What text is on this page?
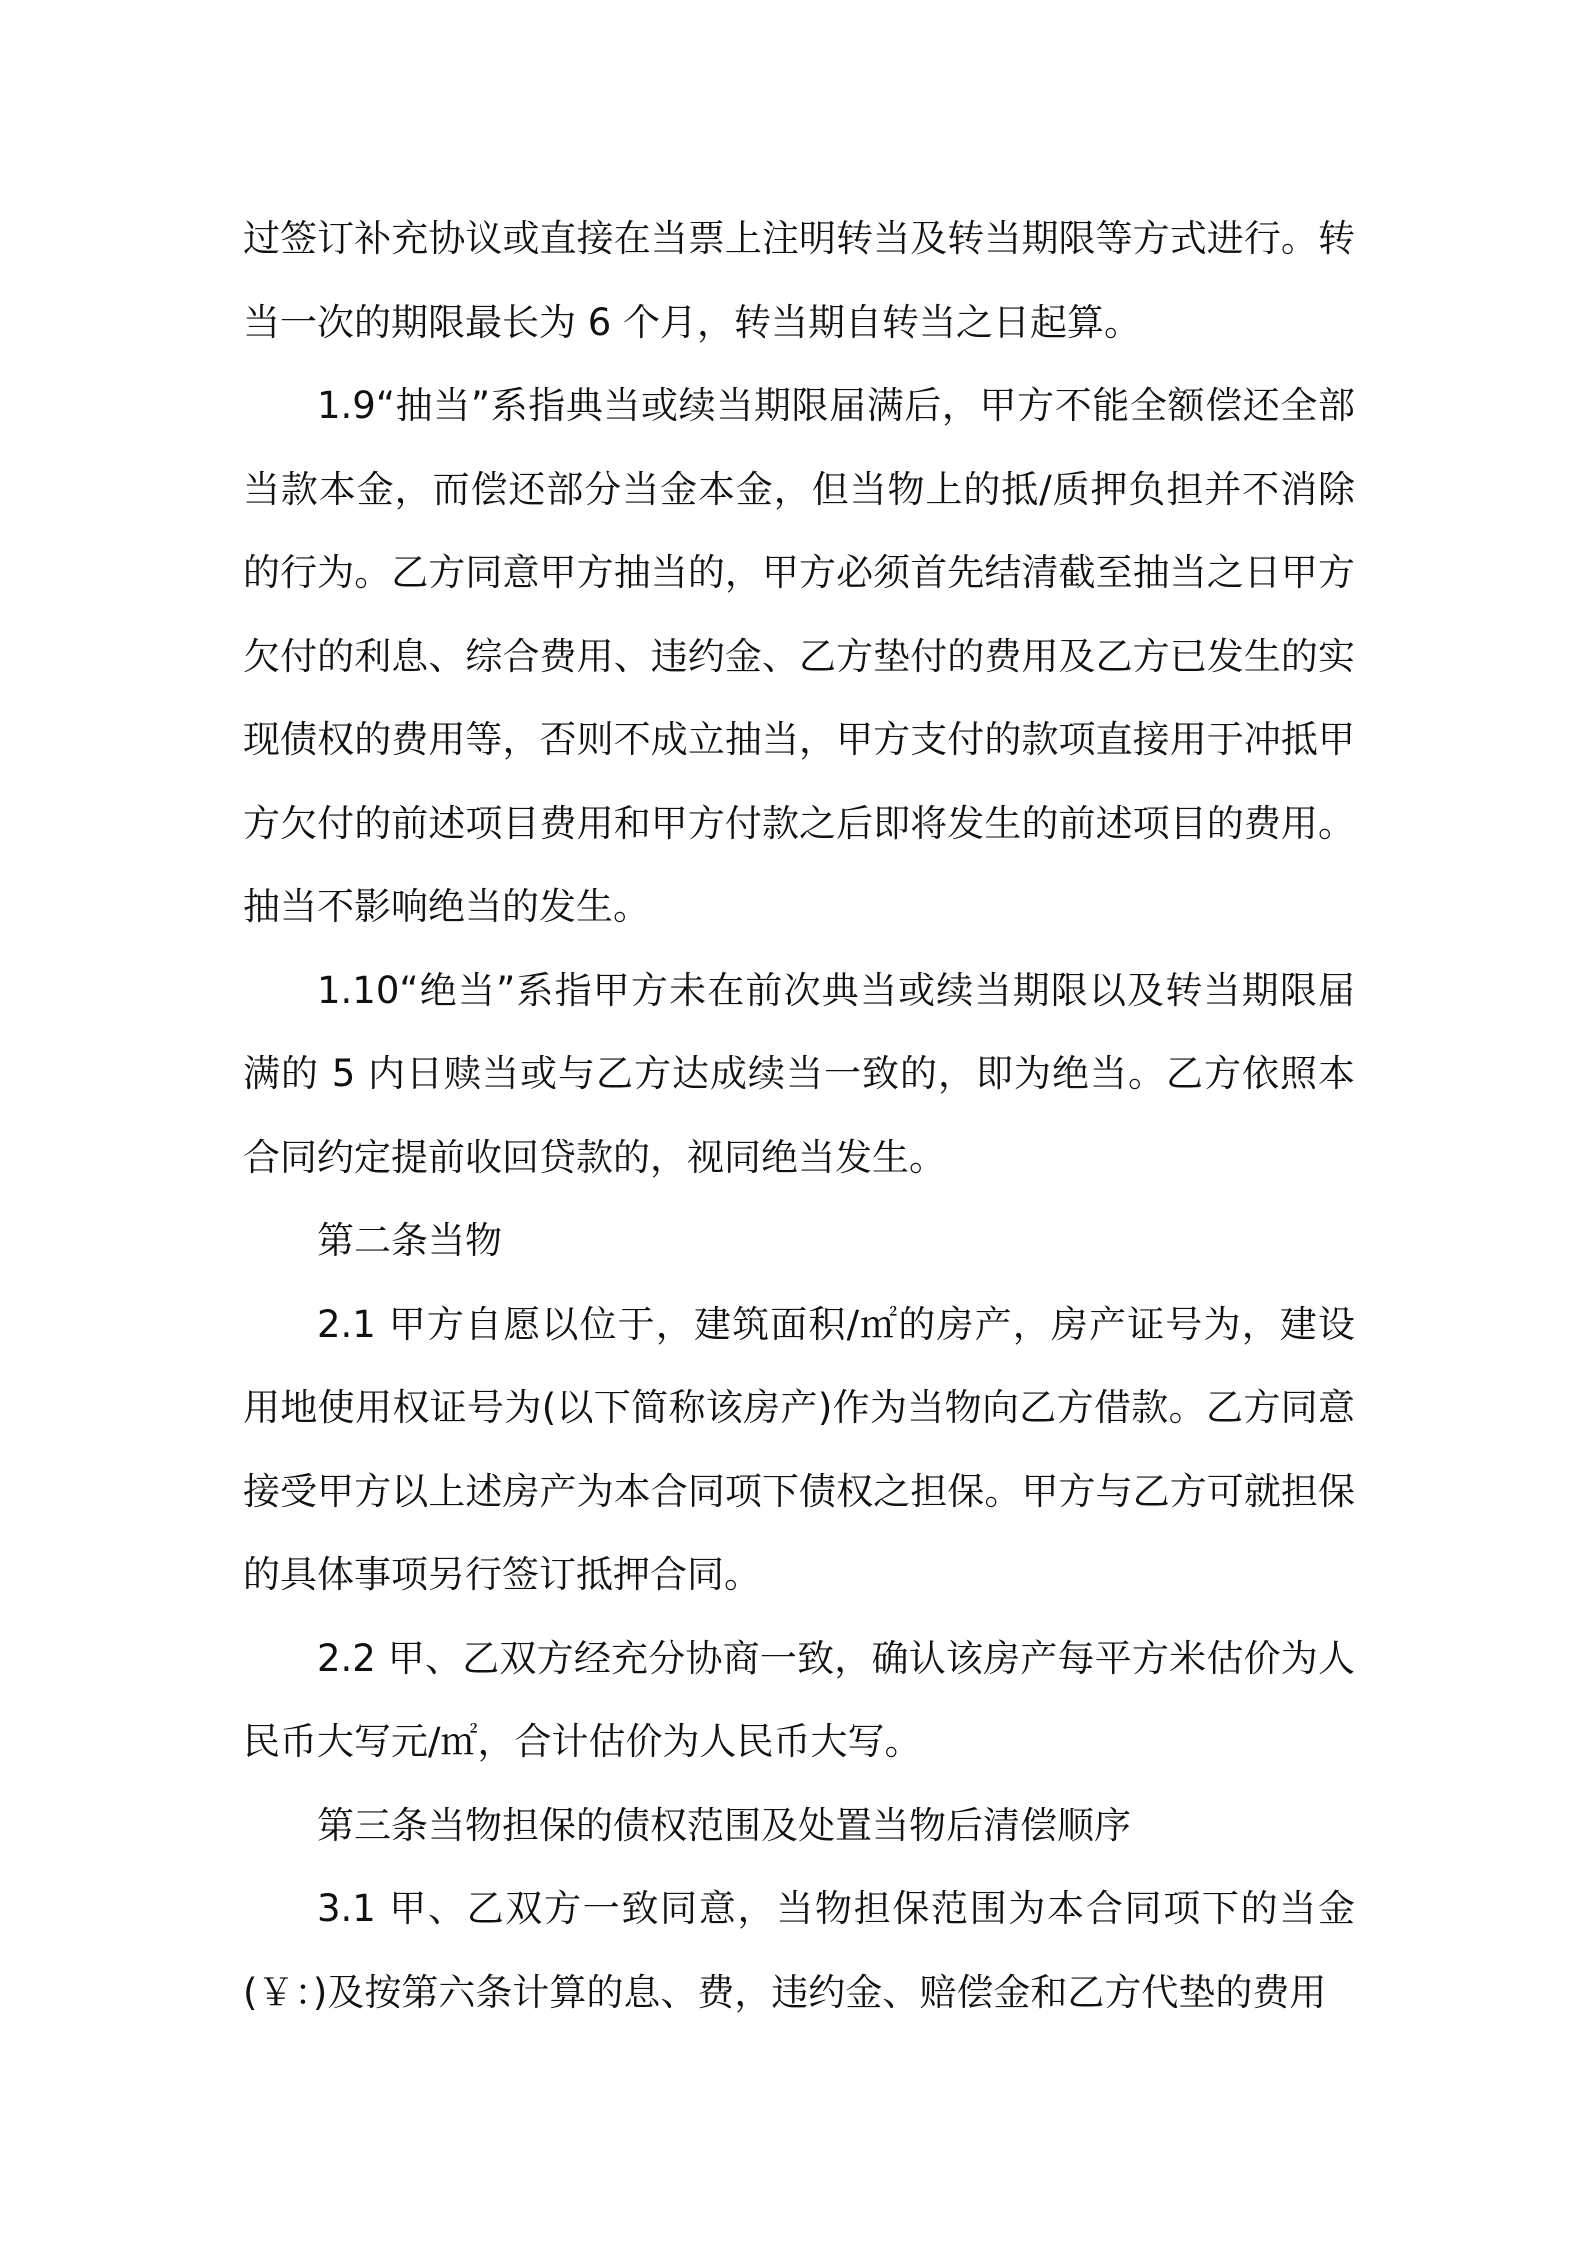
过签订补充协议或直接在当票上注明转当及转当期限等方式进行。转当一次的期限最长为 6 个月，转当期自转当之日起算。

1.9“抽当”系指典当或续当期限届满后，甲方不能全额偿还全部当款本金，而偿还部分当金本金，但当物上的抵/质押负担并不消除的行为。乙方同意甲方抽当的，甲方必须首先结清截至抽当之日甲方欠付的利息、综合费用、违约金、乙方垫付的费用及乙方已发生的实现债权的费用等，否则不成立抽当，甲方支付的款项直接用于冲抵甲方欠付的前述项目费用和甲方付款之后即将发生的前述项目的费用。抽当不影响绝当的发生。

1.10“绝当”系指甲方未在前次典当或续当期限以及转当期限届满的 5 内日赎当或与乙方达成续当一致的，即为绝当。乙方依照本合同约定提前收回贷款的，视同绝当发生。

第二条当物

2.1 甲方自愿以位于，建筑面积/㎡的房产，房产证号为，建设用地使用权证号为(以下简称该房产)作为当物向乙方借款。乙方同意接受甲方以上述房产为本合同项下债权之担保。甲方与乙方可就担保的具体事项另行签订抵押合同。

2.2 甲、乙双方经充分协商一致，确认该房产每平方米估价为人民币大写元/㎡，合计估价为人民币大写。

第三条当物担保的债权范围及处置当物后清偿顺序

3.1 甲、乙双方一致同意，当物担保范围为本合同项下的当金(￥：)及按第六条计算的息、费，违约金、赔偿金和乙方代垫的费用
